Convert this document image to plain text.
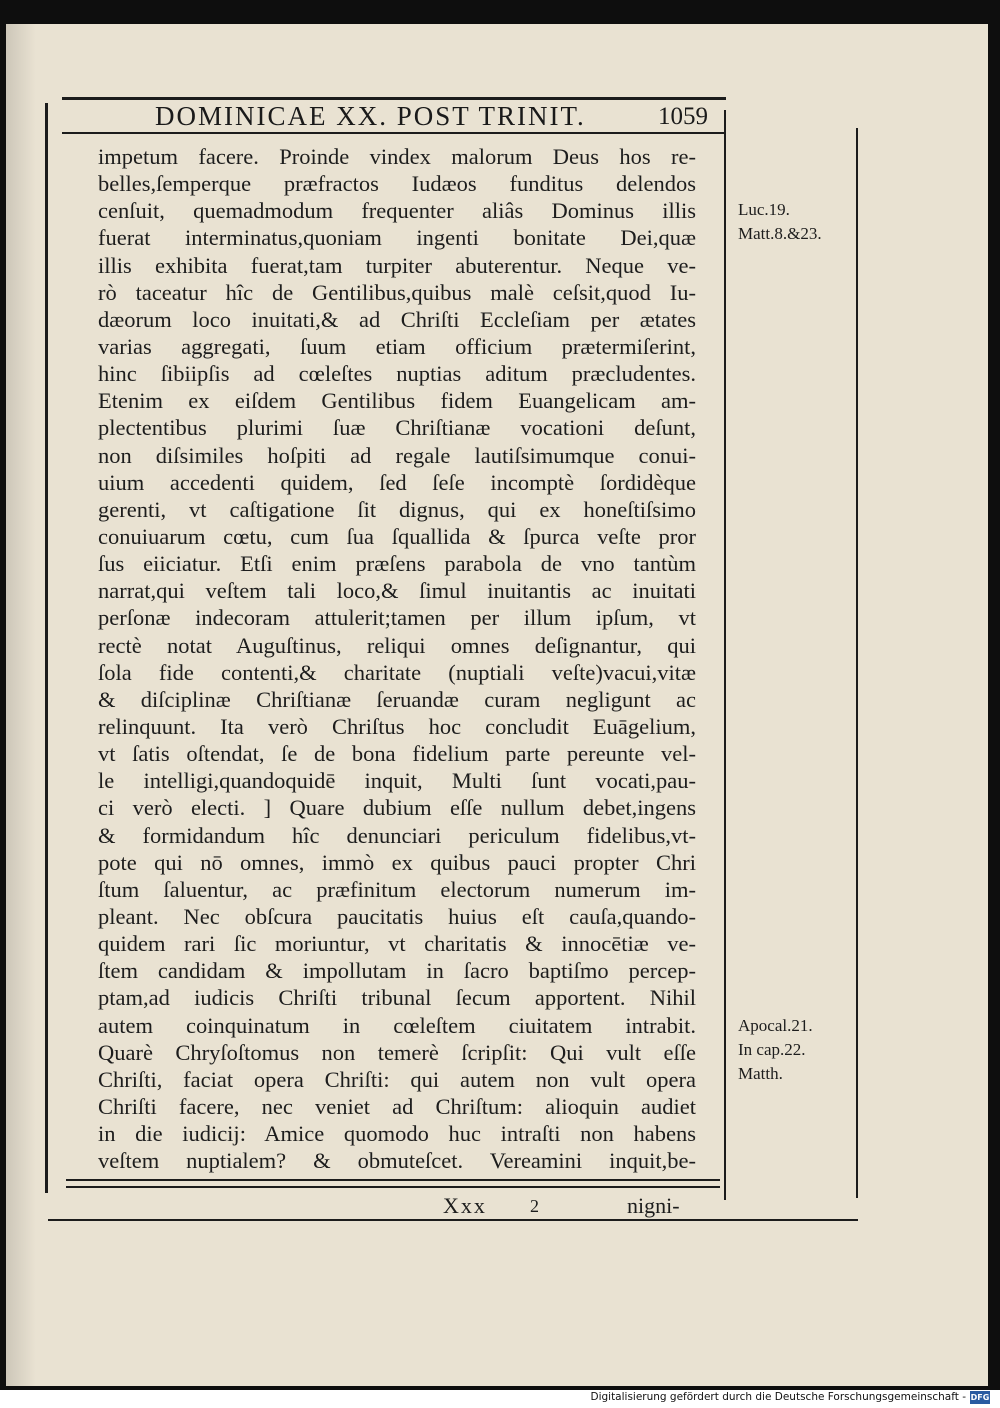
DOMINICAE XX. POST TRINIT.	1059
impetum facere. Proinde vindex malorum Deus hos re-
belles,ſemperque præfractos Iudæos funditus delendos
cenſuit, quemadmodum frequenter aliâs Dominus illis
fuerat interminatus,quoniam ingenti bonitate Dei,quæ
illis exhibita fuerat,tam turpiter abuterentur. Neque ve-
rò taceatur hîc de Gentilibus,quibus malè ceſsit,quod Iu-
dæorum loco inuitati,& ad Chriſti Eccleſiam per ætates
varias aggregati, ſuum etiam officium prætermiſerint,
hinc ſibiipſis ad cœleſtes nuptias aditum præcludentes.
Etenim ex eiſdem Gentilibus fidem Euangelicam am-
plectentibus plurimi ſuæ Chriſtianæ vocationi deſunt,
non diſsimiles hoſpiti ad regale lautiſsimumque conui-
uium accedenti quidem, ſed ſeſe incomptè ſordidèque
gerenti, vt caſtigatione ſit dignus, qui ex honeſtiſsimo
conuiuarum cœtu, cum ſua ſquallida & ſpurca veſte pror
ſus eiiciatur. Etſi enim præſens parabola de vno tantùm
narrat,qui veſtem tali loco,& ſimul inuitantis ac inuitati
perſonæ indecoram attulerit;tamen per illum ipſum, vt
rectè notat Auguſtinus, reliqui omnes deſignantur, qui
ſola fide contenti,& charitate (nuptiali veſte)vacui,vitæ
& diſciplinæ Chriſtianæ ſeruandæ curam negligunt ac
relinquunt. Ita verò Chriſtus hoc concludit Euāgelium,
vt ſatis oſtendat, ſe de bona fidelium parte pereunte vel-
le intelligi,quandoquidē inquit, Multi ſunt vocati,pau-
ci verò electi. ] Quare dubium eſſe nullum debet,ingens
& formidandum hîc denunciari periculum fidelibus,vt-
pote qui nō omnes, immò ex quibus pauci propter Chri
ſtum ſaluentur, ac præfinitum electorum numerum im-
pleant. Nec obſcura paucitatis huius eſt cauſa,quando-
quidem rari ſic moriuntur, vt charitatis & innocētiæ ve-
ſtem candidam & impollutam in ſacro baptiſmo percep-
ptam,ad iudicis Chriſti tribunal ſecum apportent. Nihil
autem coinquinatum in cœleſtem ciuitatem intrabit.
Quarè Chryſoſtomus non temerè ſcripſit: Qui vult eſſe
Chriſti, faciat opera Chriſti: qui autem non vult opera
Chriſti facere, nec veniet ad Chriſtum: alioquin audiet
in die iudicij: Amice quomodo huc intraſti non habens
veſtem nuptialem? & obmuteſcet. Vereamini inquit,be-
Luc.19.
Matt.8.&23.
Apocal.21.
In cap.22.
Matth.
Xxx 2	nigni-
Digitalisierung gefördert durch die Deutsche Forschungsgemeinschaft - DFG
